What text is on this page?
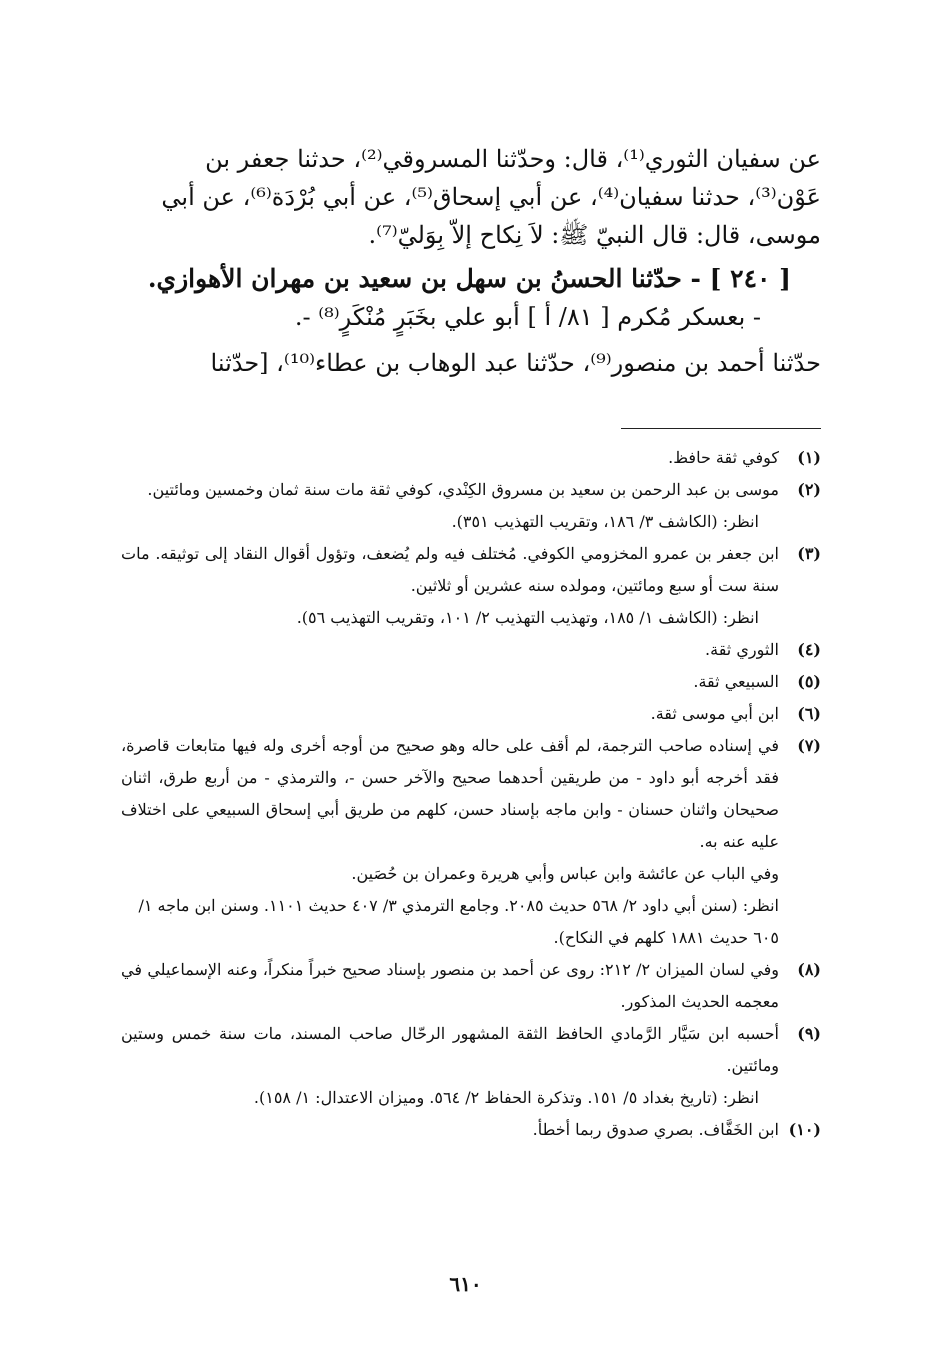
عن سفيان الثوري⁽¹⁾، قال: وحدّثنا المسروقي⁽²⁾، حدثنا جعفر بن

عَوْن⁽³⁾، حدثنا سفيان⁽⁴⁾، عن أبي إسحاق⁽⁵⁾، عن أبي بُرْدَة⁽⁶⁾، عن أبي

موسى، قال: قال النبيّ ﷺ: لاَ نِكاح إلاّ بِوَليّ⁽⁷⁾.

[ ٢٤٠ ] - حدّثنا الحسنُ بن سهل بن سعيد بن مهران الأهوازي.

- بعسكر مُكرم [ ٨١/ أ ] أبو علي بخَبَرٍ مُنْكَرٍ⁽⁸⁾ -.

حدّثنا أحمد بن منصور⁽⁹⁾، حدّثنا عبد الوهاب بن عطاء⁽¹⁰⁾، [حدّثنا

(١)
كوفي ثقة حافظ.
(٢)
موسى بن عبد الرحمن بن سعيد بن مسروق الكِنْدي، كوفي ثقة مات سنة ثمان وخمسين ومائتين.
انظر: (الكاشف ٣/ ١٨٦، وتقريب التهذيب ٣٥١).
(٣)
ابن جعفر بن عمرو المخزومي الكوفي. مُختلف فيه ولم يُضعف، وتؤول أقوال النقاد إلى توثيقه. مات سنة ست أو سبع ومائتين، ومولده سنه عشرين أو ثلاثين.
انظر: (الكاشف ١/ ١٨٥، وتهذيب التهذيب ٢/ ١٠١، وتقريب التهذيب ٥٦).
(٤)
الثوري ثقة.
(٥)
السبيعي ثقة.
(٦)
ابن أبي موسى ثقة.
(٧)
في إسناده صاحب الترجمة، لم أقف على حاله وهو صحيح من أوجه أخرى وله فيها متابعات قاصرة، فقد أخرجه أبو داود - من طريقين أحدهما صحيح والآخر حسن -، والترمذي - من أربع طرق، اثنان صحيحان واثنان حسنان - وابن ماجه بإسناد حسن، كلهم من طريق أبي إسحاق السبيعي على اختلاف عليه عنه به.
وفي الباب عن عائشة وابن عباس وأبي هريرة وعمران بن حُصَين.
انظر: (سنن أبي داود ٢/ ٥٦٨ حديث ٢٠٨٥. وجامع الترمذي ٣/ ٤٠٧ حديث ١١٠١. وسنن ابن ماجه ١/ ٦٠٥ حديث ١٨٨١ كلهم في النكاح).
(٨)
وفي لسان الميزان ٢/ ٢١٢: روى عن أحمد بن منصور بإسناد صحيح خبراً منكراً، وعنه الإسماعيلي في معجمه الحديث المذكور.
(٩)
أحسبه ابن سَيَّار الرَّمادي الحافظ الثقة المشهور الرحّال صاحب المسند، مات سنة خمس وستين ومائتين.
انظر: (تاريخ بغداد ٥/ ١٥١. وتذكرة الحفاظ ٢/ ٥٦٤. وميزان الاعتدال: ١/ ١٥٨).
(١٠)
ابن الخَفَّاف. بصري صدوق ربما أخطأ.
٦١٠
